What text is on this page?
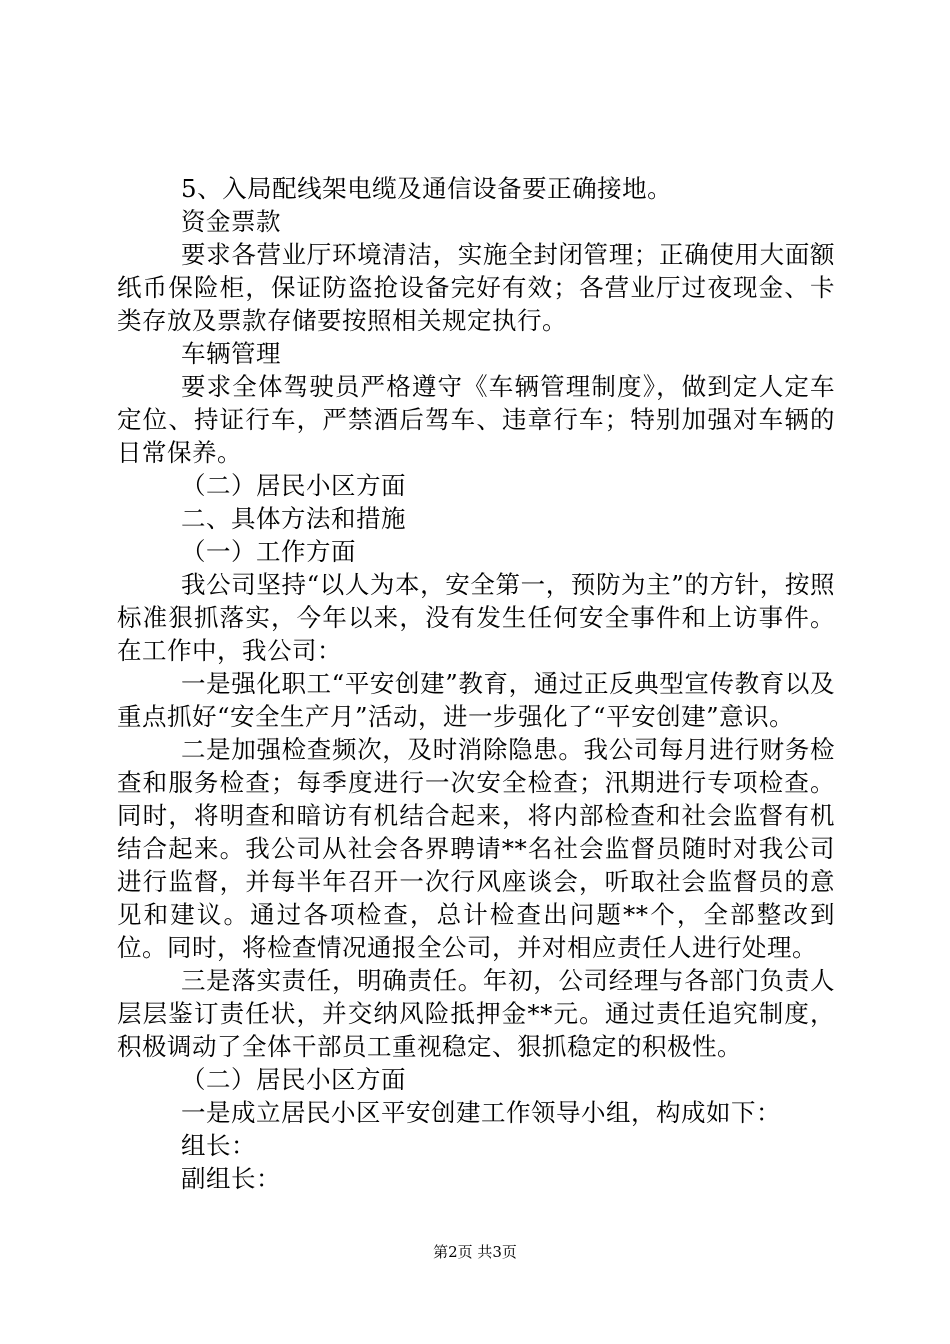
5、入局配线架电缆及通信设备要正确接地。

资金票款

要求各营业厅环境清洁，实施全封闭管理；正确使用大面额纸币保险柜，保证防盗抢设备完好有效；各营业厅过夜现金、卡类存放及票款存储要按照相关规定执行。

车辆管理

要求全体驾驶员严格遵守《车辆管理制度》，做到定人定车定位、持证行车，严禁酒后驾车、违章行车；特别加强对车辆的日常保养。

（二）居民小区方面

二、具体方法和措施

（一）工作方面

我公司坚持“以人为本，安全第一，预防为主”的方针，按照标准狠抓落实，今年以来，没有发生任何安全事件和上访事件。在工作中，我公司：

一是强化职工“平安创建”教育，通过正反典型宣传教育以及重点抓好“安全生产月”活动，进一步强化了“平安创建”意识。

二是加强检查频次，及时消除隐患。我公司每月进行财务检查和服务检查；每季度进行一次安全检查；汛期进行专项检查。同时，将明查和暗访有机结合起来，将内部检查和社会监督有机结合起来。我公司从社会各界聘请**名社会监督员随时对我公司进行监督，并每半年召开一次行风座谈会，听取社会监督员的意见和建议。通过各项检查，总计检查出问题**个，全部整改到位。同时，将检查情况通报全公司，并对相应责任人进行处理。

三是落实责任，明确责任。年初，公司经理与各部门负责人层层鉴订责任状，并交纳风险抵押金**元。通过责任追究制度，积极调动了全体干部员工重视稳定、狠抓稳定的积极性。

（二）居民小区方面

一是成立居民小区平安创建工作领导小组，构成如下：

组长：

副组长：

第2页 共3页
